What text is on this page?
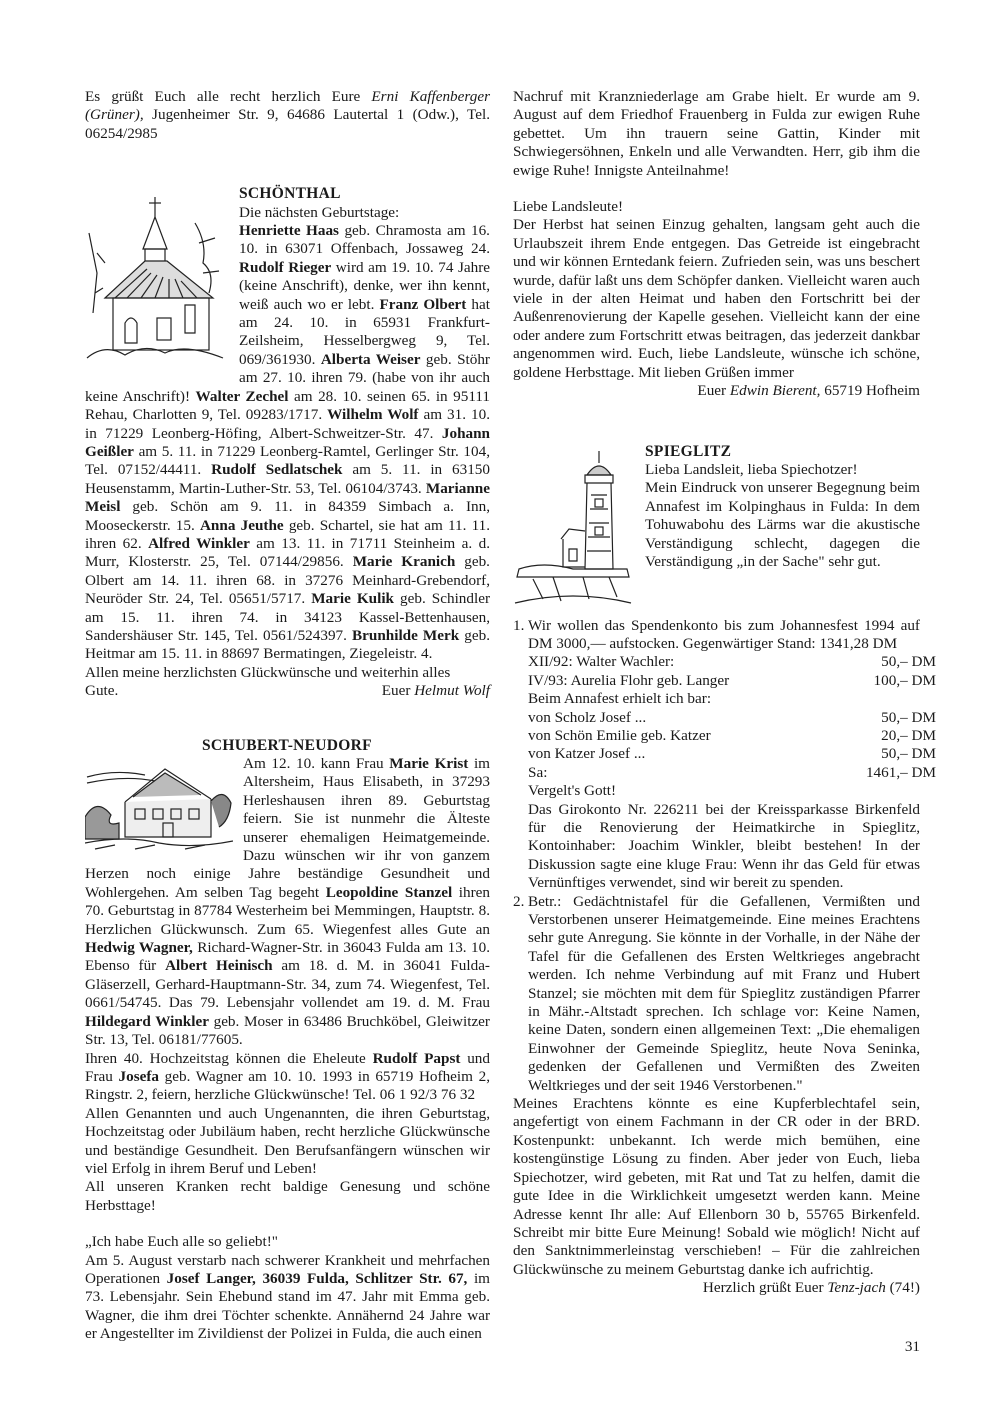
Es grüßt Euch alle recht herzlich Eure Erni Kaffenberger (Grüner), Jugenheimer Str. 9, 64686 Lautertal 1 (Odw.), Tel. 06254/2985

SCHÖNTHAL

Die nächsten Geburtstage:

Henriette Haas geb. Chramosta am 16. 10. in 63071 Offenbach, Jossaweg 24. Rudolf Rieger wird am 19. 10. 74 Jahre (keine Anschrift), denke, wer ihn kennt, weiß auch wo er lebt. Franz Olbert hat am 24. 10. in 65931 Frankfurt-Zeilsheim, Hesselbergweg 9, Tel. 069/361930. Alberta Weiser geb. Stöhr am 27. 10. ihren 79. (habe von ihr auch keine Anschrift)! Walter Zechel am 28. 10. seinen 65. in 95111 Rehau, Charlotten 9, Tel. 09283/1717. Wilhelm Wolf am 31. 10. in 71229 Leonberg-Höfing, Albert-Schweitzer-Str. 47. Johann Geißler am 5. 11. in 71229 Leonberg-Ramtel, Gerlinger Str. 104, Tel. 07152/44411. Rudolf Sedlatschek am 5. 11. in 63150 Heusenstamm, Martin-Luther-Str. 53, Tel. 06104/3743. Marianne Meisl geb. Schön am 9. 11. in 84359 Simbach a. Inn, Mooseckerstr. 15. Anna Jeuthe geb. Schartel, sie hat am 11. 11. ihren 62. Alfred Winkler am 13. 11. in 71711 Steinheim a. d. Murr, Klosterstr. 25, Tel. 07144/29856. Marie Kranich geb. Olbert am 14. 11. ihren 68. in 37276 Meinhard-Grebendorf, Neuröder Str. 24, Tel. 05651/5717. Marie Kulik geb. Schindler am 15. 11. ihren 74. in 34123 Kassel-Bettenhausen, Sandershäuser Str. 145, Tel. 0561/524397. Brunhilde Merk geb. Heitmar am 15. 11. in 88697 Bermatingen, Ziegeleistr. 4.

Allen meine herzlichsten Glückwünsche und weiterhin alles

Gute.	Euer Helmut Wolf

SCHUBERT-NEUDORF

Am 12. 10. kann Frau Marie Krist im Altersheim, Haus Elisabeth, in 37293 Herleshausen ihren 89. Geburtstag feiern. Sie ist nunmehr die Älteste unserer ehemaligen Heimatgemeinde. Dazu wünschen wir ihr von ganzem Herzen noch einige Jahre beständige Gesundheit und Wohlergehen. Am selben Tag begeht Leopoldine Stanzel ihren 70. Geburtstag in 87784 Westerheim bei Memmingen, Hauptstr. 8. Herzlichen Glückwunsch. Zum 65. Wiegenfest alles Gute an Hedwig Wagner, Richard-Wagner-Str. in 36043 Fulda am 13. 10. Ebenso für Albert Heinisch am 18. d. M. in 36041 Fulda-Gläserzell, Gerhard-Hauptmann-Str. 34, zum 74. Wiegenfest, Tel. 0661/54745. Das 79. Lebensjahr vollendet am 19. d. M. Frau Hildegard Winkler geb. Moser in 63486 Bruchköbel, Gleiwitzer Str. 13, Tel. 06181/77605.

Ihren 40. Hochzeitstag können die Eheleute Rudolf Papst und Frau Josefa geb. Wagner am 10. 10. 1993 in 65719 Hofheim 2, Ringstr. 2, feiern, herzliche Glückwünsche! Tel. 06 1 92/3 76 32

Allen Genannten und auch Ungenannten, die ihren Geburtstag, Hochzeitstag oder Jubiläum haben, recht herzliche Glückwünsche und beständige Gesundheit. Den Berufsanfängern wünschen wir viel Erfolg in ihrem Beruf und Leben!

All unseren Kranken recht baldige Genesung und schöne Herbsttage!

„Ich habe Euch alle so geliebt!"

Am 5. August verstarb nach schwerer Krankheit und mehrfachen Operationen Josef Langer, 36039 Fulda, Schlitzer Str. 67, im 73. Lebensjahr. Sein Ehebund stand im 47. Jahr mit Emma geb. Wagner, die ihm drei Töchter schenkte. Annähernd 24 Jahre war er Angestellter im Zivildienst der Polizei in Fulda, die auch einen

Nachruf mit Kranzniederlage am Grabe hielt. Er wurde am 9. August auf dem Friedhof Frauenberg in Fulda zur ewigen Ruhe gebettet. Um ihn trauern seine Gattin, Kinder mit Schwiegersöhnen, Enkeln und alle Verwandten. Herr, gib ihm die ewige Ruhe! Innigste Anteilnahme!

Liebe Landsleute!

Der Herbst hat seinen Einzug gehalten, langsam geht auch die Urlaubszeit ihrem Ende entgegen. Das Getreide ist eingebracht und wir können Erntedank feiern. Zufrieden sein, was uns beschert wurde, dafür laßt uns dem Schöpfer danken. Vielleicht waren auch viele in der alten Heimat und haben den Fortschritt bei der Außenrenovierung der Kapelle gesehen. Vielleicht kann der eine oder andere zum Fortschritt etwas beitragen, das jederzeit dankbar angenommen wird. Euch, liebe Landsleute, wünsche ich schöne, goldene Herbsttage. Mit lieben Grüßen immer

Euer Edwin Bierent, 65719 Hofheim

SPIEGLITZ

Lieba Landsleit, lieba Spiechotzer!

Mein Eindruck von unserer Begegnung beim Annafest im Kolpinghaus in Fulda: In dem Tohuwabohu des Lärms war die akustische Verständigung schlecht, dagegen die Verständigung „in der Sache" sehr gut.

1. Wir wollen das Spendenkonto bis zum Johannesfest 1994 auf DM 3000,— aufstocken. Gegenwärtiger Stand: 1341,28 DM

XII/92: Walter Wachler:	50,– DM
IV/93: Aurelia Flohr geb. Langer	100,– DM

Beim Annafest erhielt ich bar:

von Scholz Josef ...	50,– DM
von Schön Emilie geb. Katzer	20,– DM
von Katzer Josef ...	50,– DM
Sa:	1461,– DM

Vergelt's Gott!

Das Girokonto Nr. 226211 bei der Kreissparkasse Birkenfeld für die Renovierung der Heimatkirche in Spieglitz, Kontoinhaber: Joachim Winkler, bleibt bestehen! In der Diskussion sagte eine kluge Frau: Wenn ihr das Geld für etwas Vernünftiges verwendet, sind wir bereit zu spenden.

2. Betr.: Gedächtnistafel für die Gefallenen, Vermißten und Verstorbenen unserer Heimatgemeinde. Eine meines Erachtens sehr gute Anregung. Sie könnte in der Vorhalle, in der Nähe der Tafel für die Gefallenen des Ersten Weltkrieges angebracht werden. Ich nehme Verbindung auf mit Franz und Hubert Stanzel; sie möchten mit dem für Spieglitz zuständigen Pfarrer in Mähr.-Altstadt sprechen. Ich schlage vor: Keine Namen, keine Daten, sondern einen allgemeinen Text: „Die ehemaligen Einwohner der Gemeinde Spieglitz, heute Nova Seninka, gedenken der Gefallenen und Vermißten des Zweiten Weltkrieges und der seit 1946 Verstorbenen."

Meines Erachtens könnte es eine Kupferblechtafel sein, angefertigt von einem Fachmann in der CR oder in der BRD. Kostenpunkt: unbekannt. Ich werde mich bemühen, eine kostengünstige Lösung zu finden. Aber jeder von Euch, lieba Spiechotzer, wird gebeten, mit Rat und Tat zu helfen, damit die gute Idee in die Wirklichkeit umgesetzt werden kann. Meine Adresse kennt Ihr alle: Auf Ellenborn 30 b, 55765 Birkenfeld. Schreibt mir bitte Eure Meinung! Sobald wie möglich! Nicht auf den Sanktnimmerleinstag verschieben! – Für die zahlreichen Glückwünsche zu meinem Geburtstag danke ich aufrichtig.

Herzlich grüßt Euer Tenz-jach (74!)

31
